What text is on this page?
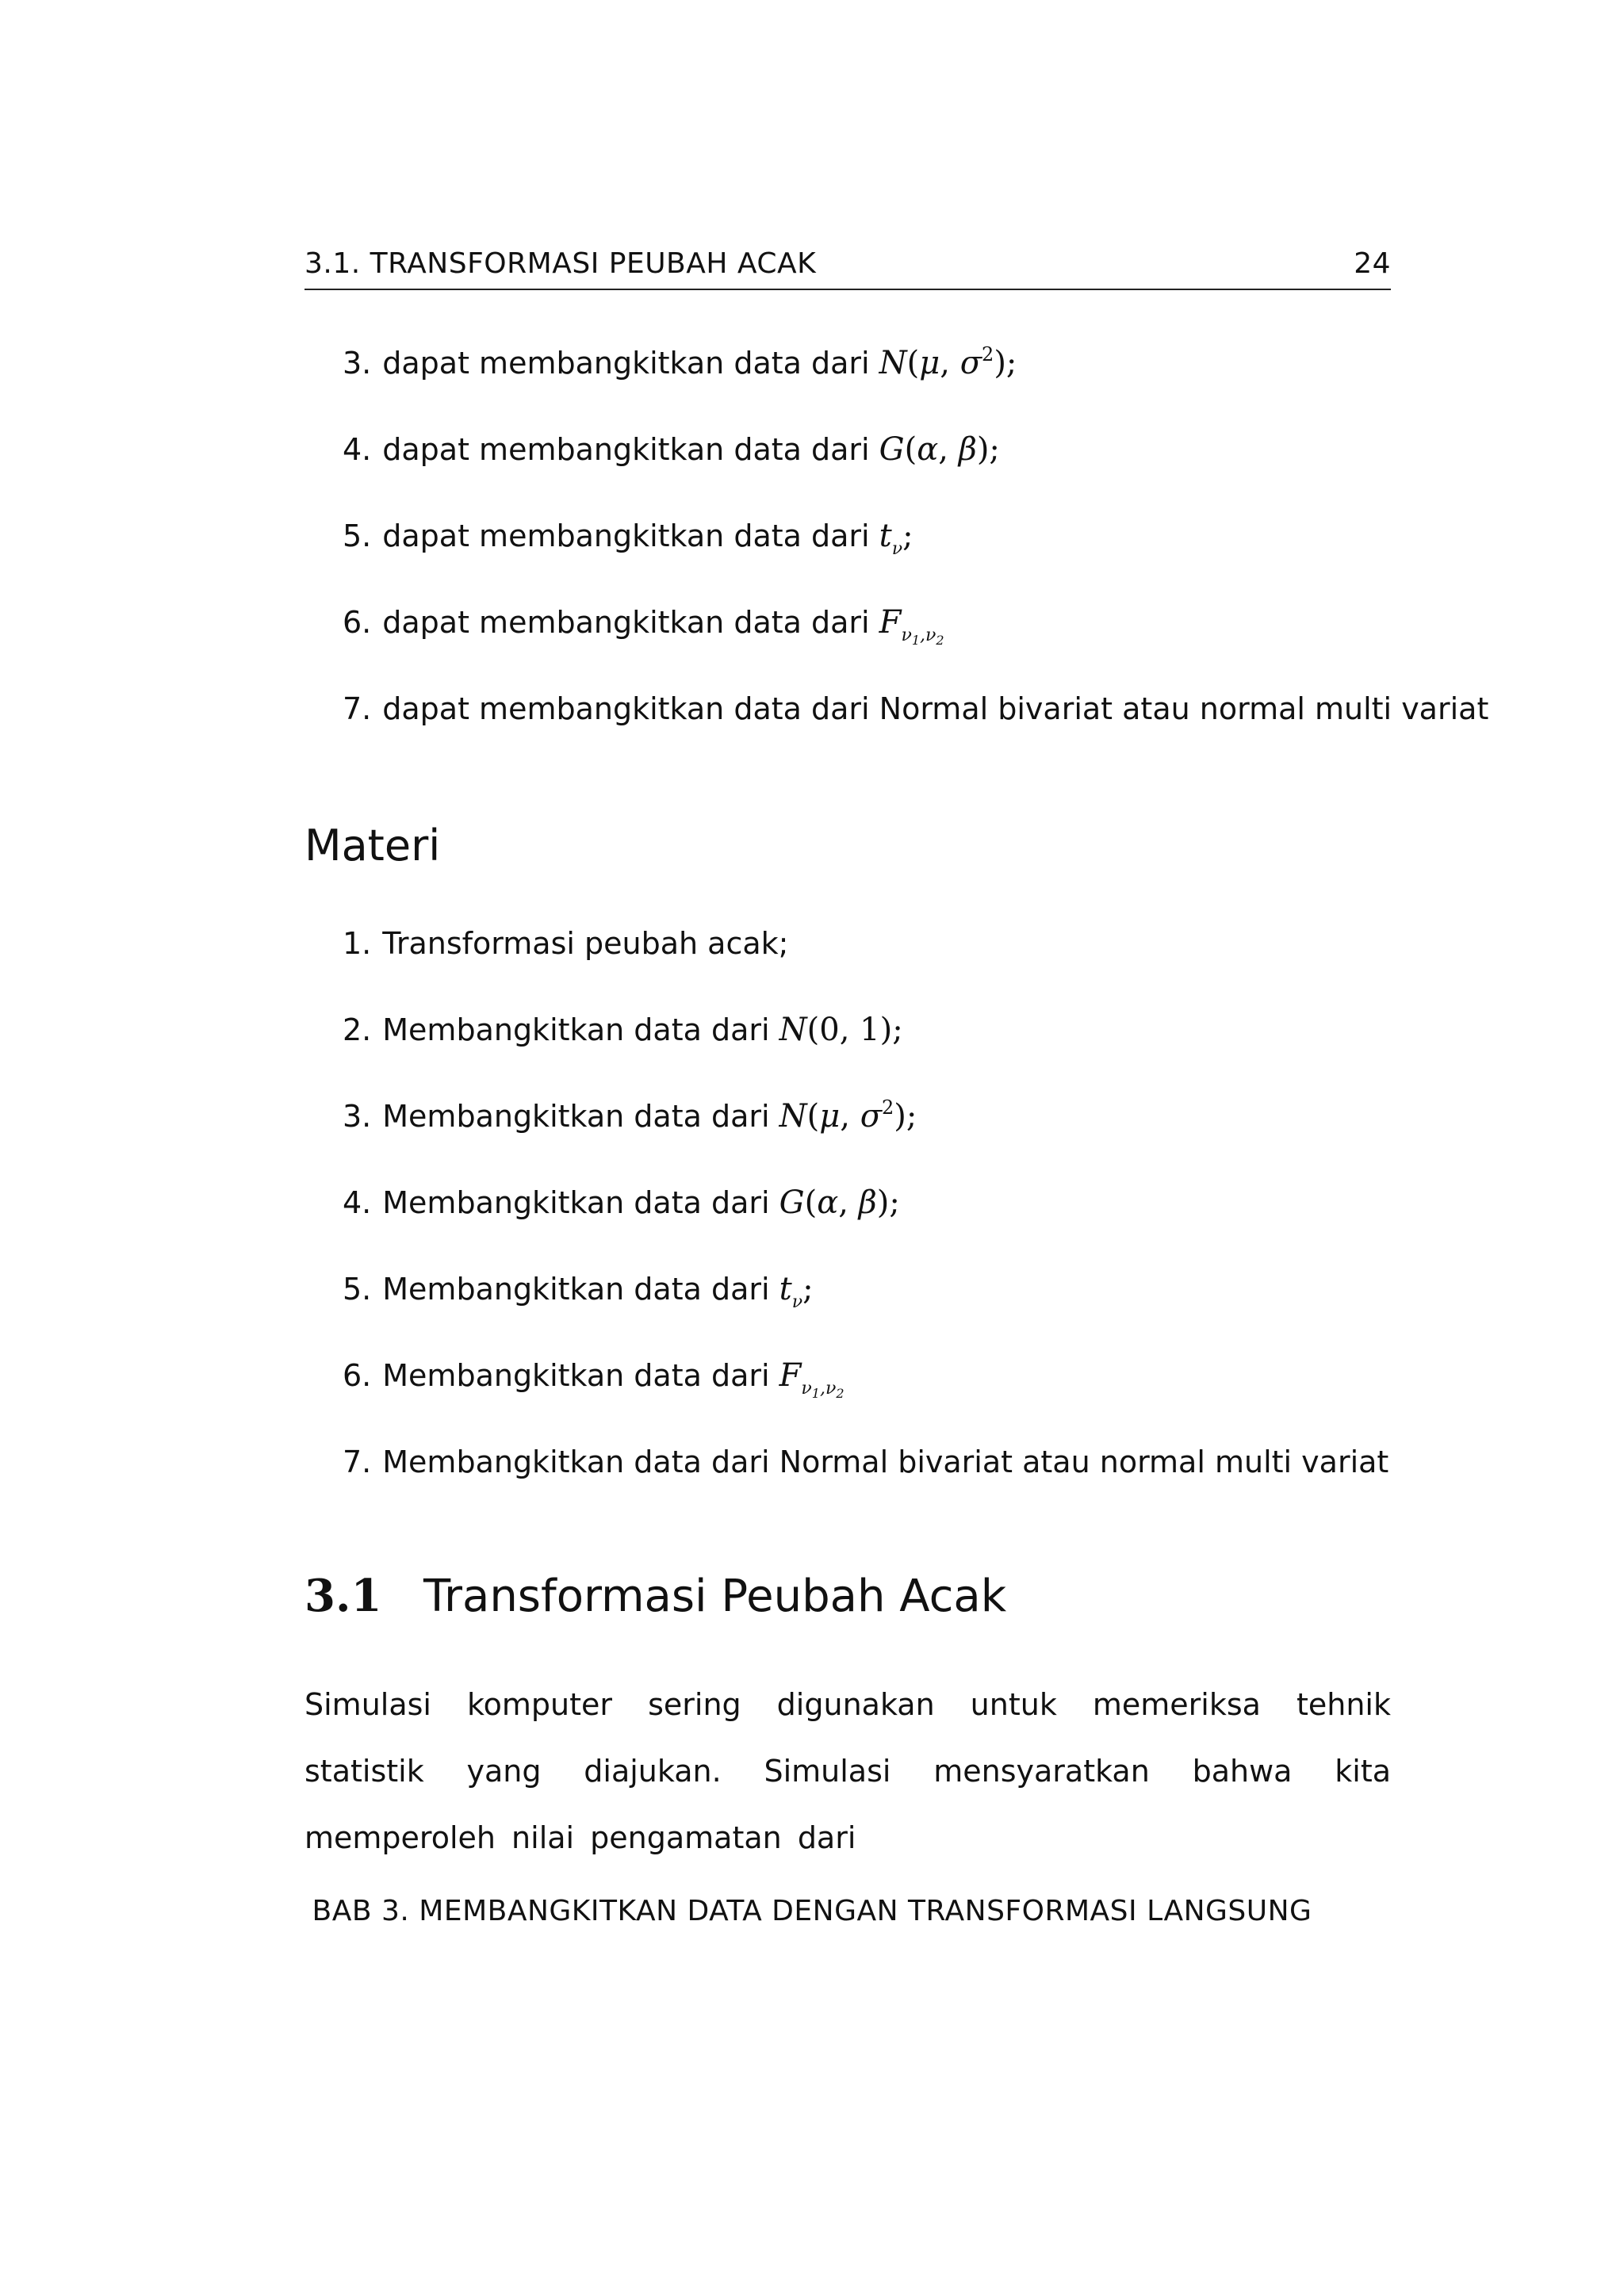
3.1. TRANSFORMASI PEUBAH ACAK	24
3. dapat membangkitkan data dari N(μ, $\sigma^2$);
4. dapat membangkitkan data dari G(α, β);
5. dapat membangkitkan data dari $t_\nu$;
6. dapat membangkitkan data dari $F_{\nu_1,\nu_2}$
7. dapat membangkitkan data dari Normal bivariat atau normal multi variat
Materi
1. Transformasi peubah acak;
2. Membangkitkan data dari N(0, 1);
3. Membangkitkan data dari N(μ, $\sigma^2$);
4. Membangkitkan data dari G(α, β);
5. Membangkitkan data dari $t_\nu$;
6. Membangkitkan data dari $F_{\nu_1,\nu_2}$
7. Membangkitkan data dari Normal bivariat atau normal multi variat
3.1 Transformasi Peubah Acak

Simulasi komputer sering digunakan untuk memeriksa tehnik statistik yang diajukan. Simulasi mensyaratkan bahwa kita memperoleh nilai pengamatan dari

BAB 3. MEMBANGKITKAN DATA DENGAN TRANSFORMASI LANGSUNG
